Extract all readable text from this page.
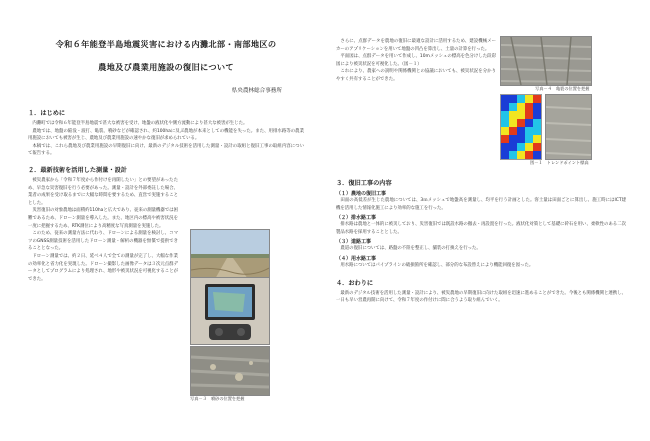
令和６年能登半島地震災害における内灘北部・南部地区の
農地及び農業用施設の復旧について
県央農林総合事務所
１．はじめに
内灘町では令和６年能登半島地震で甚大な被害を受け、地盤の液状化や側方流動により甚大な被害が生じた。
農地では、地盤の陥没・波打、亀裂、噴砂などが確認され、約100haに及ぶ農地が本来としての機能を失った。また、用排水路等の農業用施設においても被害が生じ、農地及び農業用施設の速やかな復旧が求められている。
本稿では、これら農地及び農業用施設の早期復旧に向け、最新のデジタル技術を活用した測量・設計の取組と復旧工事の取組内容について報告する。
２．最新技術を活用した測量・設計
被災農家から「令和７年度から作付けを再開したい」との要望があったため、早急な災害復旧を行う必要があった。測量・設計を外部委託した場合、業者の成果を受け取るまでに大幅な時間を要するため、直営で実施することとした。
災害復旧の対象農地は面積約110haと広大であり、従来の測量機器では困難であるため、ドローン測量を導入した。また、地区内の標高や被害状況を一度に把握するため、RTK測位により高精度な写真測量を実施した。
このため、従来の測量方法に代わり、ドローンによる測量を検討し、コマツのGNSS測量技術を活用したドローン測量・解析の機器を無償で提供できることとなった。
ドローン測量では、約２日、延べ４人で全ての測量が完了し、大幅な作業の効率化と省力化を実現した。ドローン撮影した画像データは３次元点群データとしてプログラムにより処理され、地形や被災状況を可視化することができた。
写真－３　噴砂の位置を把握
さらに、点群データを農地の復旧に最適な設計に活用するため、建設機械メーカーのアプリケーションを用いて地盤の凹凸を算出し、土量の計算を行った。
平面図は、点群データを用いて作成し、10mメッシュの標高を色分けした段彩図により被災状況を可視化した。（図－１）
これにより、農家への説明や関係機関との協議においても、被災状況を分かりやすく共有することができた。
３．復旧工事の内容
（１）農地の復旧工事
田面の高低差が生じた農地については、3ｍメッシュで地盤高を測量し、均平を行う計画とした。客土量は田面ごとに算出し、施工時にはICT建機を活用した情報化施工により効率的な施工を行った。
（２）排水路工事
排水路は農地と一体的に被災しており、災害復旧では既設水路の撤去・再設置を行った。液状化対策として基礎に砕石を用い、柔軟性のある二次製品水路を採用することとした。
（３）道路工事
農道の復旧については、路盤の不陸を整正し、舗装の打換えを行った。
（４）用水路工事
用水路についてはパイプラインの破損箇所を確認し、部分的な布設替えにより機能回復を図った。
４．おわりに
最新のデジタル技術を活用した測量・設計により、被災農地の早期復旧に向けた取組を迅速に進めることができた。今後とも関係機関と連携し、一日も早い営農再開に向けて、令和７年度の作付けに間に合うよう取り組んでいく。
写真－４　亀裂の位置を把握
図－１　トレンドポイント標高
